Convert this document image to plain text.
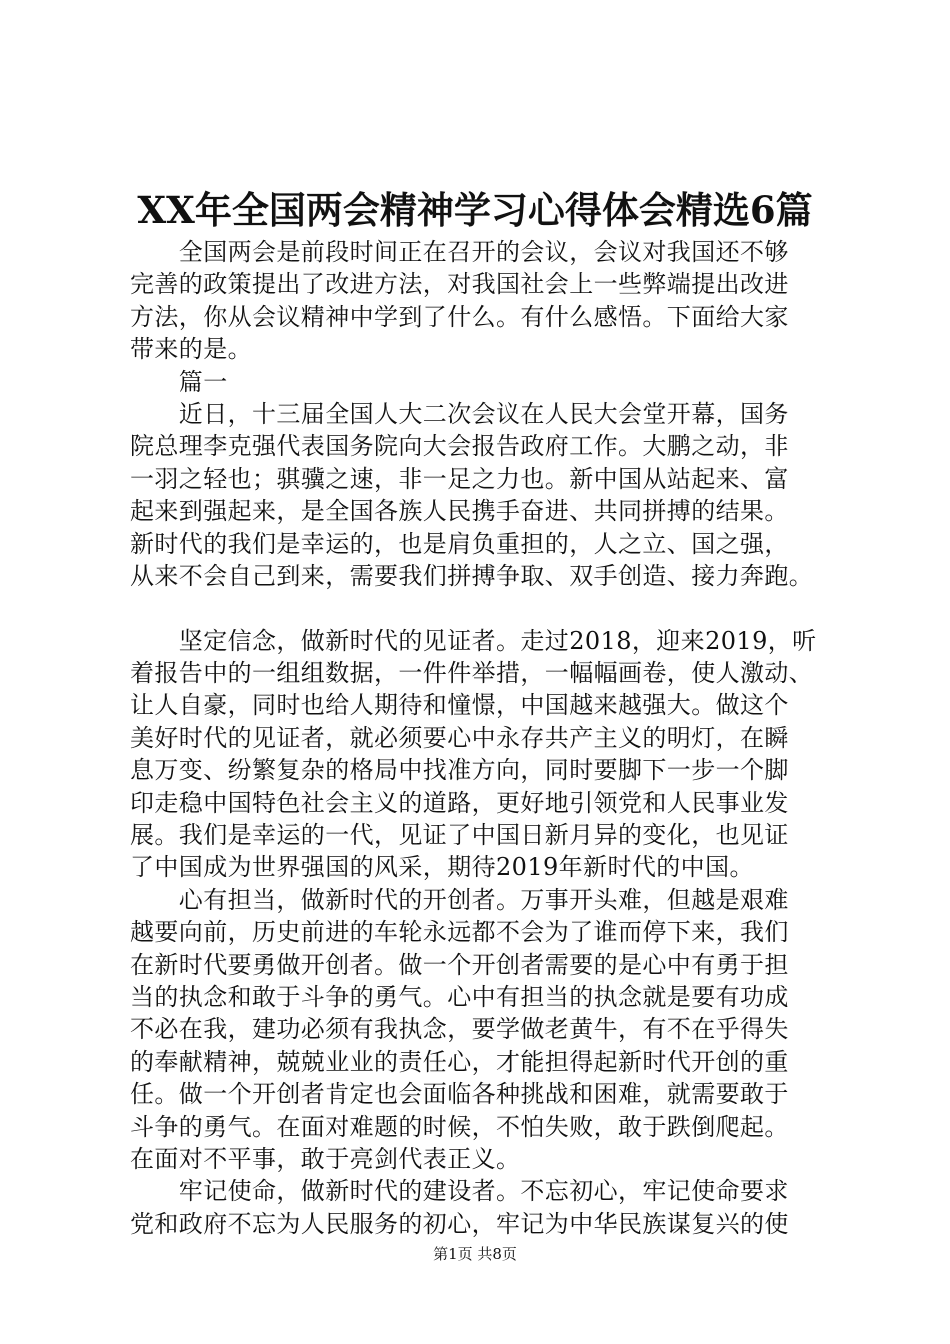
XX年全国两会精神学习心得体会精选6篇
　　全国两会是前段时间正在召开的会议，会议对我国还不够
完善的政策提出了改进方法，对我国社会上一些弊端提出改进
方法，你从会议精神中学到了什么。有什么感悟。下面给大家
带来的是。
　　篇一
　　近日，十三届全国人大二次会议在人民大会堂开幕，国务
院总理李克强代表国务院向大会报告政府工作。大鹏之动，非
一羽之轻也；骐骥之速，非一足之力也。新中国从站起来、富
起来到强起来，是全国各族人民携手奋进、共同拼搏的结果。
新时代的我们是幸运的，也是肩负重担的，人之立、国之强，
从来不会自己到来，需要我们拼搏争取、双手创造、接力奔跑。
　　坚定信念，做新时代的见证者。走过2018，迎来2019，听
着报告中的一组组数据，一件件举措，一幅幅画卷，使人激动、
让人自豪，同时也给人期待和憧憬，中国越来越强大。做这个
美好时代的见证者，就必须要心中永存共产主义的明灯，在瞬
息万变、纷繁复杂的格局中找准方向，同时要脚下一步一个脚
印走稳中国特色社会主义的道路，更好地引领党和人民事业发
展。我们是幸运的一代，见证了中国日新月异的变化，也见证
了中国成为世界强国的风采，期待2019年新时代的中国。
　　心有担当，做新时代的开创者。万事开头难，但越是艰难
越要向前，历史前进的车轮永远都不会为了谁而停下来，我们
在新时代要勇做开创者。做一个开创者需要的是心中有勇于担
当的执念和敢于斗争的勇气。心中有担当的执念就是要有功成
不必在我，建功必须有我执念，要学做老黄牛，有不在乎得失
的奉献精神，兢兢业业的责任心，才能担得起新时代开创的重
任。做一个开创者肯定也会面临各种挑战和困难，就需要敢于
斗争的勇气。在面对难题的时候，不怕失败，敢于跌倒爬起。
在面对不平事，敢于亮剑代表正义。
　　牢记使命，做新时代的建设者。不忘初心，牢记使命要求
党和政府不忘为人民服务的初心，牢记为中华民族谋复兴的使
第1页 共8页
